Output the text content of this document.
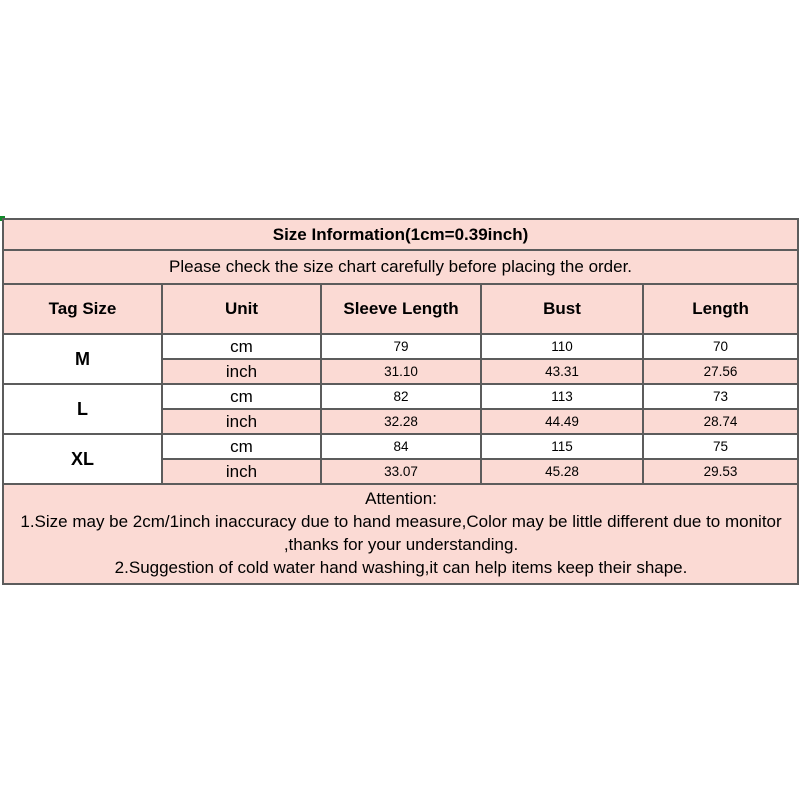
Size Information(1cm=0.39inch)				
Please check the size chart carefully before placing the order.				
Tag Size	Unit	Sleeve Length	Bust	Length
M	cm	79	110	70
	inch	31.10	43.31	27.56
L	cm	82	113	73
	inch	32.28	44.49	28.74
XL	cm	84	115	75
	inch	33.07	45.28	29.53

Attention:
1.Size may be 2cm/1inch inaccuracy due to hand measure,Color may be little different due to monitor
,thanks for your understanding.
2.Suggestion of cold water hand washing,it can help items keep their shape.				
